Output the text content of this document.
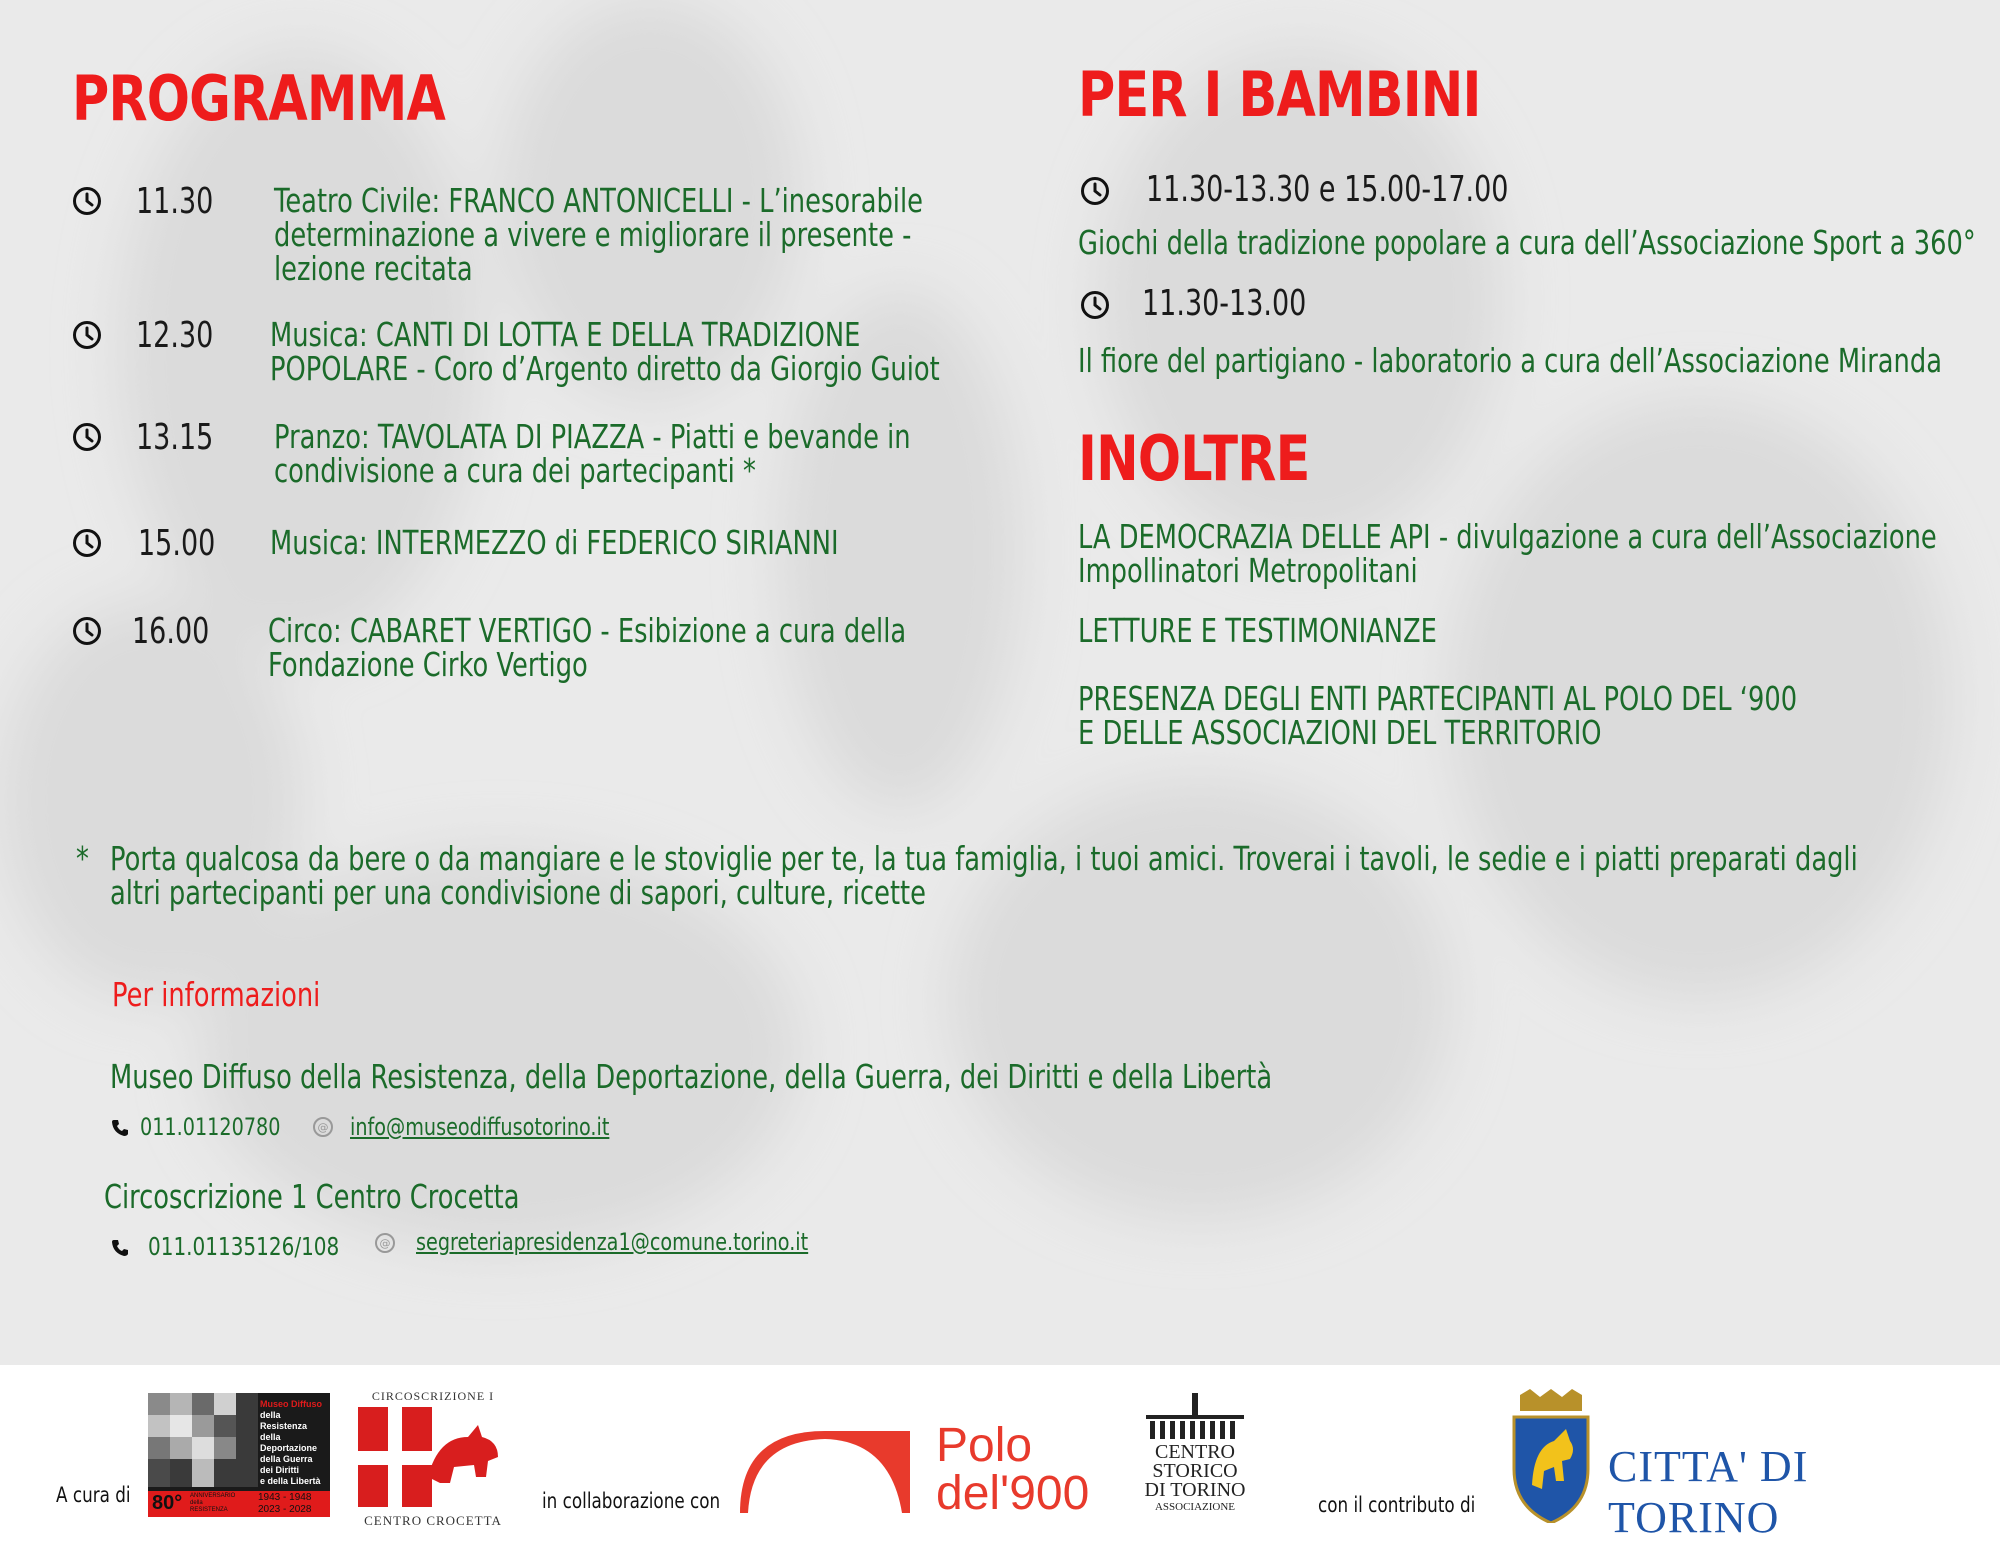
PROGRAMMA
11.30 Teatro Civile: FRANCO ANTONICELLI - L’inesorabile
determinazione a vivere e migliorare il presente -
lezione recitata
12.30 Musica: CANTI DI LOTTA E DELLA TRADIZIONE
POPOLARE - Coro d’Argento diretto da Giorgio Guiot
13.15 Pranzo: TAVOLATA DI PIAZZA - Piatti e bevande in
condivisione a cura dei partecipanti *
15.00 Musica: INTERMEZZO di FEDERICO SIRIANNI
16.00 Circo: CABARET VERTIGO - Esibizione a cura della
Fondazione Cirko Vertigo
PER I BAMBINI
11.30-13.30 e 15.00-17.00
Giochi della tradizione popolare a cura dell’Associazione Sport a 360°
11.30-13.00
Il fiore del partigiano - laboratorio a cura dell’Associazione Miranda
INOLTRE
LA DEMOCRAZIA DELLE API - divulgazione a cura dell’Associazione
Impollinatori Metropolitani
LETTURE E TESTIMONIANZE
PRESENZA DEGLI ENTI PARTECIPANTI AL POLO DEL ‘900
E DELLE ASSOCIAZIONI DEL TERRITORIO
* Porta qualcosa da bere o da mangiare e le stoviglie per te, la tua famiglia, i tuoi amici. Troverai i tavoli, le sedie e i piatti preparati dagli
altri partecipanti per una condivisione di sapori, culture, ricette
Per informazioni
Museo Diffuso della Resistenza, della Deportazione, della Guerra, dei Diritti e della Libertà
011.01120780	@ info@museodiffusotorino.it
Circoscrizione 1 Centro Crocetta
011.01135126/108	@ segreteriapresidenza1@comune.torino.it
A cura di
Museo Diffuso
della Resistenza
della Deportazione
della Guerra
dei Diritti
e della Libertà
80° ANNIVERSARIO
della
RESISTENZA
1943 - 1948
2023 - 2028
CIRCOSCRIZIONE I
CENTRO CROCETTA
in collaborazione con
Polo
del'900
CENTRO
STORICO
DI TORINO
ASSOCIAZIONE	con il contributo di
CITTA' DI TORINO
